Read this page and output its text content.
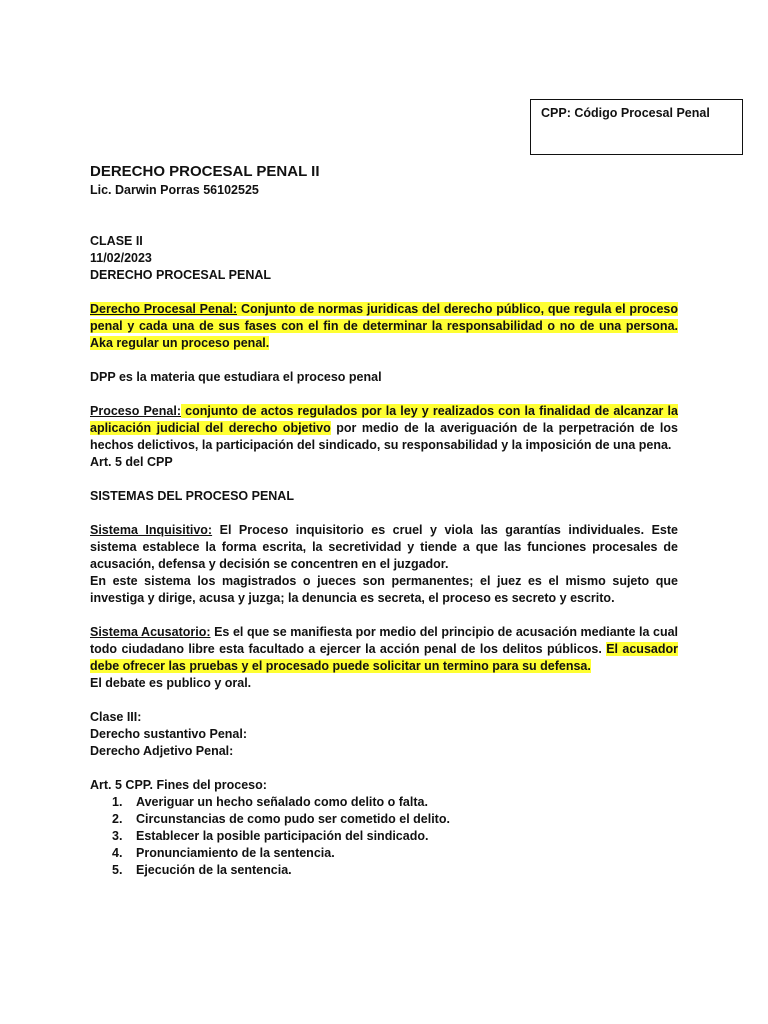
CPP: Código Procesal Penal
DERECHO PROCESAL PENAL II
Lic. Darwin Porras 56102525
CLASE II
11/02/2023
DERECHO PROCESAL PENAL

Derecho Procesal Penal: Conjunto de normas juridicas del derecho público, que regula el proceso penal y cada una de sus fases con el fin de determinar la responsabilidad o no de una persona. Aka regular un proceso penal.

DPP es la materia que estudiara el proceso penal

Proceso Penal: conjunto de actos regulados por la ley y realizados con la finalidad de alcanzar la aplicación judicial del derecho objetivo por medio de la averiguación de la perpetración de los hechos delictivos, la participación del sindicado, su responsabilidad y la imposición de una pena.

Art. 5 del CPP
SISTEMAS DEL PROCESO PENAL

Sistema Inquisitivo: El Proceso inquisitorio es cruel y viola las garantías individuales. Este sistema establece la forma escrita, la secretividad y tiende a que las funciones procesales de acusación, defensa y decisión se concentren en el juzgador.

En este sistema los magistrados o jueces son permanentes; el juez es el mismo sujeto que investiga y dirige, acusa y juzga; la denuncia es secreta, el proceso es secreto y escrito.

Sistema Acusatorio: Es el que se manifiesta por medio del principio de acusación mediante la cual todo ciudadano libre esta facultado a ejercer la acción penal de los delitos públicos. El acusador debe ofrecer las pruebas y el procesado puede solicitar un termino para su defensa.

El debate es publico y oral.
Clase III:
Derecho sustantivo Penal:
Derecho Adjetivo Penal:
Art. 5 CPP. Fines del proceso:
1. Averiguar un hecho señalado como delito o falta.
2. Circunstancias de como pudo ser cometido el delito.
3. Establecer la posible participación del sindicado.
4. Pronunciamiento de la sentencia.
5. Ejecución de la sentencia.
